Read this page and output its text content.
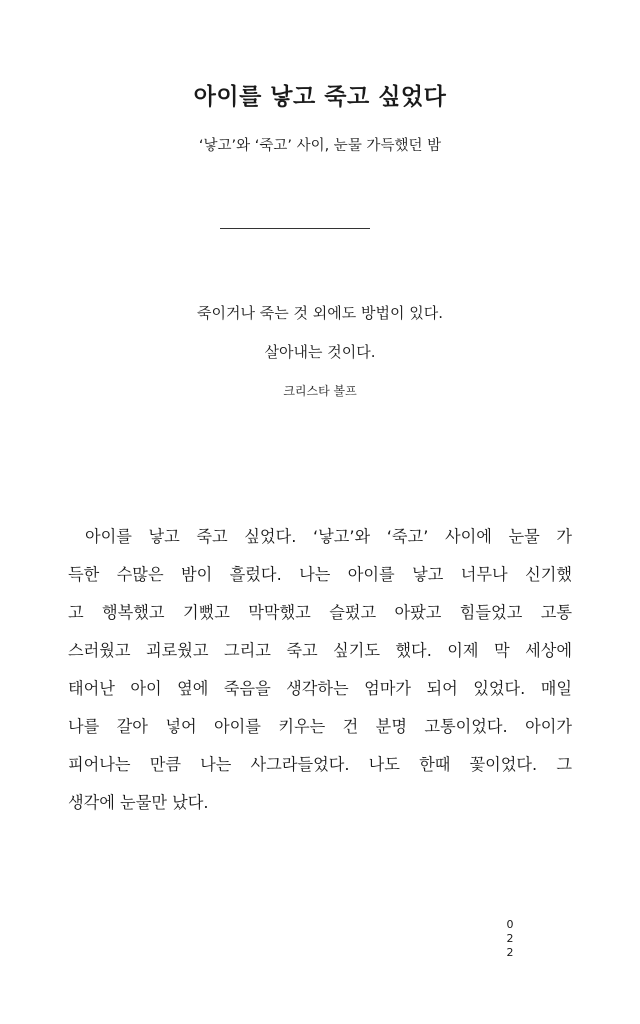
아이를 낳고 죽고 싶었다

‘낳고’와 ‘죽고’ 사이, 눈물 가득했던 밤

죽이거나 죽는 것 외에도 방법이 있다.

살아내는 것이다.

크리스타 볼프

아이를 낳고 죽고 싶었다. ‘낳고’와 ‘죽고’ 사이에 눈물 가
득한 수많은 밤이 흘렀다. 나는 아이를 낳고 너무나 신기했
고 행복했고 기뻤고 막막했고 슬펐고 아팠고 힘들었고 고통
스러웠고 괴로웠고 그리고 죽고 싶기도 했다. 이제 막 세상에
태어난 아이 옆에 죽음을 생각하는 엄마가 되어 있었다. 매일
나를 갈아 넣어 아이를 키우는 건 분명 고통이었다. 아이가
피어나는 만큼 나는 사그라들었다. 나도 한때 꽃이었다. 그
생각에 눈물만 났다.
0
2
2
